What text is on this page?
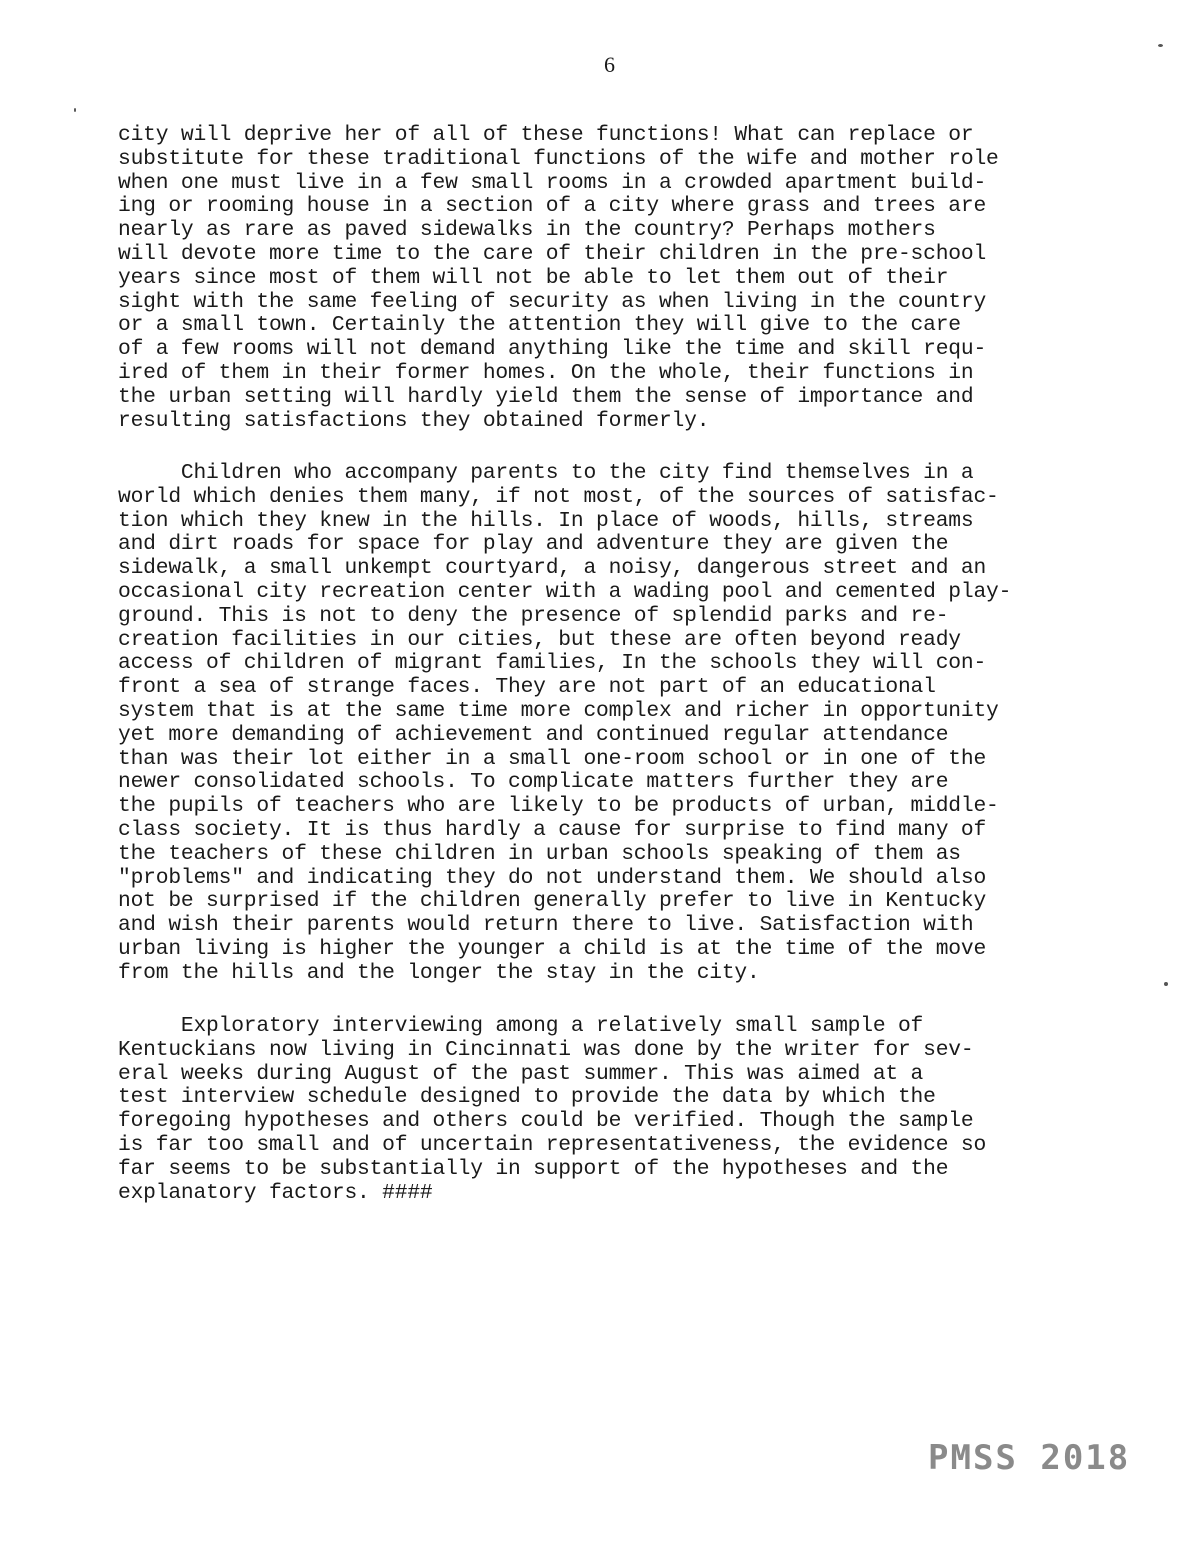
6
city will deprive her of all of these functions! What can replace or
substitute for these traditional functions of the wife and mother role
when one must live in a few small rooms in a crowded apartment build-
ing or rooming house in a section of a city where grass and trees are
nearly as rare as paved sidewalks in the country? Perhaps mothers
will devote more time to the care of their children in the pre-school
years since most of them will not be able to let them out of their
sight with the same feeling of security as when living in the country
or a small town. Certainly the attention they will give to the care
of a few rooms will not demand anything like the time and skill requ-
ired of them in their former homes. On the whole, their functions in
the urban setting will hardly yield them the sense of importance and
resulting satisfactions they obtained formerly.
Children who accompany parents to the city find themselves in a
world which denies them many, if not most, of the sources of satisfac-
tion which they knew in the hills. In place of woods, hills, streams
and dirt roads for space for play and adventure they are given the
sidewalk, a small unkempt courtyard, a noisy, dangerous street and an
occasional city recreation center with a wading pool and cemented play-
ground. This is not to deny the presence of splendid parks and re-
creation facilities in our cities, but these are often beyond ready
access of children of migrant families, In the schools they will con-
front a sea of strange faces. They are not part of an educational
system that is at the same time more complex and richer in opportunity
yet more demanding of achievement and continued regular attendance
than was their lot either in a small one-room school or in one of the
newer consolidated schools. To complicate matters further they are
the pupils of teachers who are likely to be products of urban, middle-
class society. It is thus hardly a cause for surprise to find many of
the teachers of these children in urban schools speaking of them as
"problems" and indicating they do not understand them. We should also
not be surprised if the children generally prefer to live in Kentucky
and wish their parents would return there to live. Satisfaction with
urban living is higher the younger a child is at the time of the move
from the hills and the longer the stay in the city.
Exploratory interviewing among a relatively small sample of
Kentuckians now living in Cincinnati was done by the writer for sev-
eral weeks during August of the past summer. This was aimed at a
test interview schedule designed to provide the data by which the
foregoing hypotheses and others could be verified. Though the sample
is far too small and of uncertain representativeness, the evidence so
far seems to be substantially in support of the hypotheses and the
explanatory factors. ####
PMSS 2018
